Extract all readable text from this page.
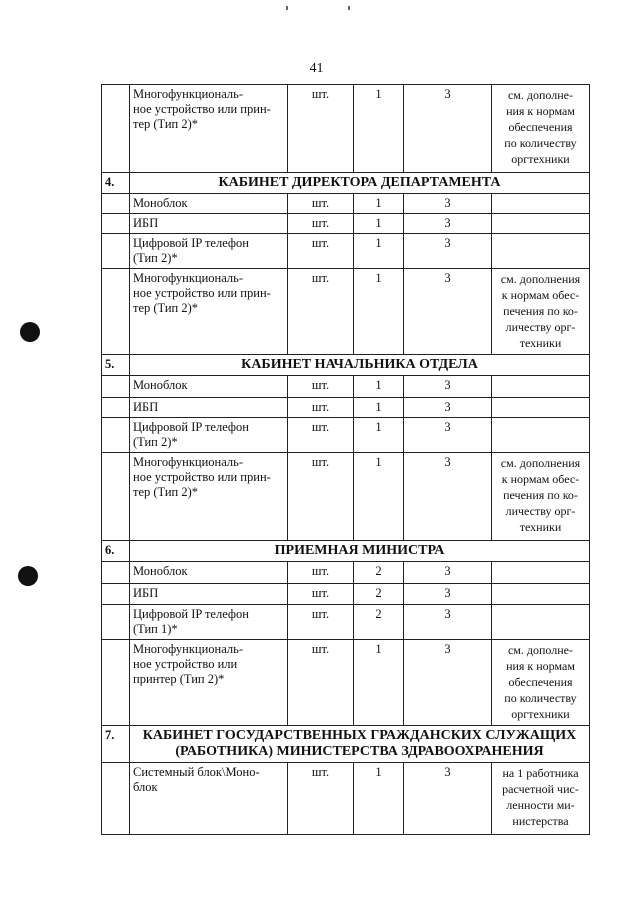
41
	Многофункциональ-
ное устройство или прин-
тер (Тип 2)*	шт.	1	3	см. дополне-
ния к нормам
обеспечения
по количеству
оргтехники
4.	КАБИНЕТ ДИРЕКТОРА ДЕПАРТАМЕНТА				
	Моноблок	шт.	1	3	
	ИБП	шт.	1	3	
	Цифровой IP телефон
(Тип 2)*	шт.	1	3	
	Многофункциональ-
ное устройство или прин-
тер (Тип 2)*	шт.	1	3	см. дополнения
к нормам обес-
печения по ко-
личеству орг-
техники
5.	КАБИНЕТ НАЧАЛЬНИКА ОТДЕЛА				
	Моноблок	шт.	1	3	
	ИБП	шт.	1	3	
	Цифровой IP телефон
(Тип 2)*	шт.	1	3	
	Многофункциональ-
ное устройство или прин-
тер (Тип 2)*	шт.	1	3	см. дополнения
к нормам обес-
печения по ко-
личеству орг-
техники
6.	ПРИЕМНАЯ МИНИСТРА				
	Моноблок	шт.	2	3	
	ИБП	шт.	2	3	
	Цифровой IP телефон
(Тип 1)*	шт.	2	3	
	Многофункциональ-
ное устройство или
принтер (Тип 2)*	шт.	1	3	см. дополне-
ния к нормам
обеспечения
по количеству
оргтехники
7.	КАБИНЕТ ГОСУДАРСТВЕННЫХ ГРАЖДАНСКИХ СЛУЖАЩИХ
(РАБОТНИКА) МИНИСТЕРСТВА ЗДРАВООХРАНЕНИЯ				
	Системный блок\Моно-
блок	шт.	1	3	на 1 работника
расчетной чис-
ленности ми-
нистерства
